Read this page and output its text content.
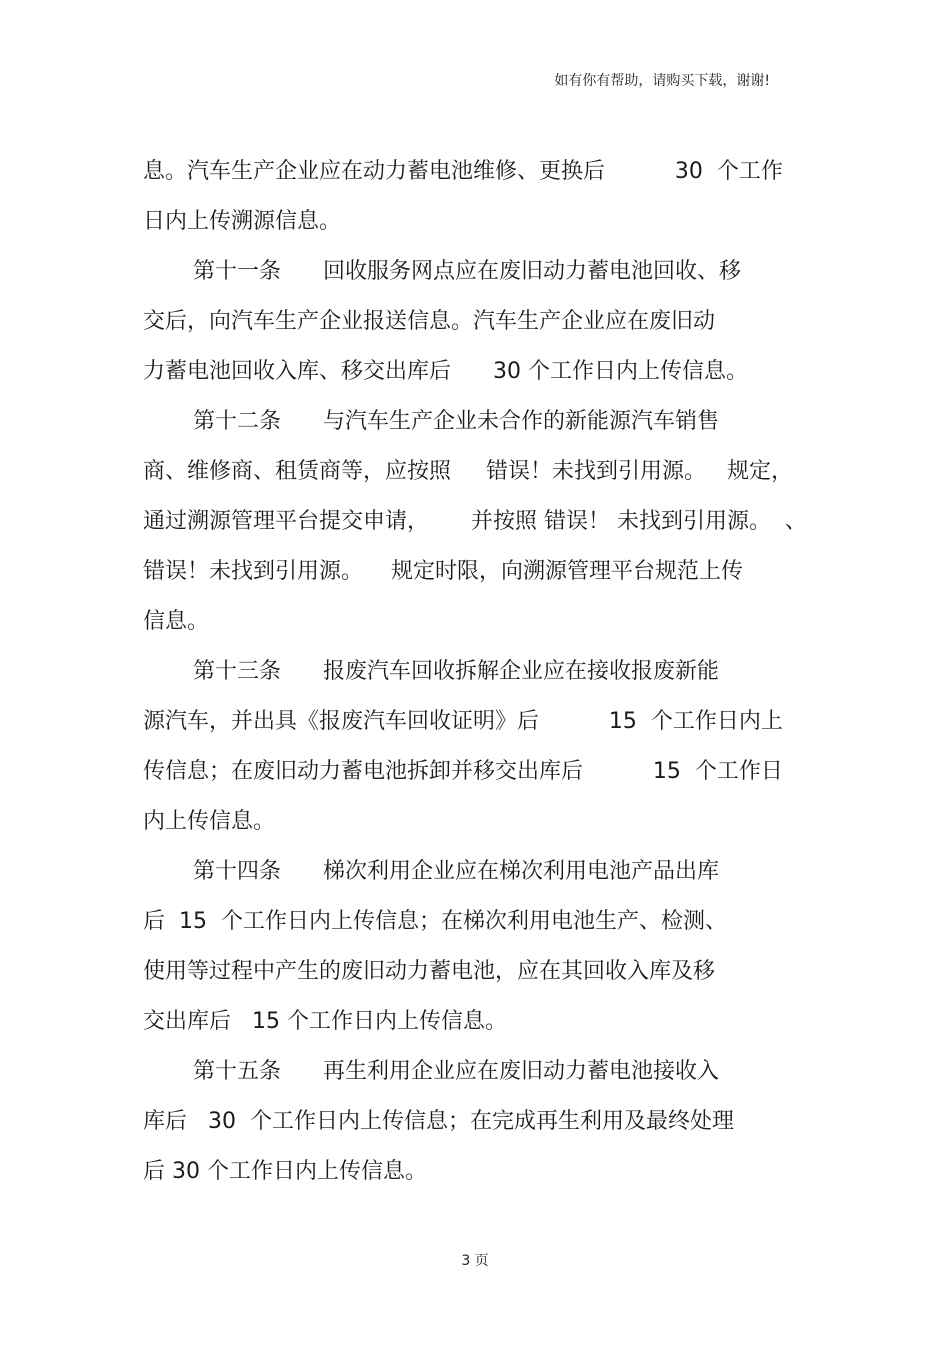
如有你有帮助，请购买下载，谢谢!
息。汽车生产企业应在动力蓄电池维修、更换后          30  个工作
日内上传溯源信息。
第十一条      回收服务网点应在废旧动力蓄电池回收、移
交后，向汽车生产企业报送信息。汽车生产企业应在废旧动
力蓄电池回收入库、移交出库后      30 个工作日内上传信息。
第十二条      与汽车生产企业未合作的新能源汽车销售
商、维修商、租赁商等，应按照     错误！未找到引用源。   规定，
通过溯源管理平台提交申请，      并按照 错误！ 未找到引用源。  、
错误！未找到引用源。    规定时限，向溯源管理平台规范上传
信息。
第十三条      报废汽车回收拆解企业应在接收报废新能
源汽车，并出具《报废汽车回收证明》后          15  个工作日内上
传信息；在废旧动力蓄电池拆卸并移交出库后          15  个工作日
内上传信息。
第十四条      梯次利用企业应在梯次利用电池产品出库
后  15  个工作日内上传信息；在梯次利用电池生产、检测、
使用等过程中产生的废旧动力蓄电池，应在其回收入库及移
交出库后   15 个工作日内上传信息。
第十五条      再生利用企业应在废旧动力蓄电池接收入
库后   30  个工作日内上传信息；在完成再生利用及最终处理
后 30 个工作日内上传信息。
3 页
